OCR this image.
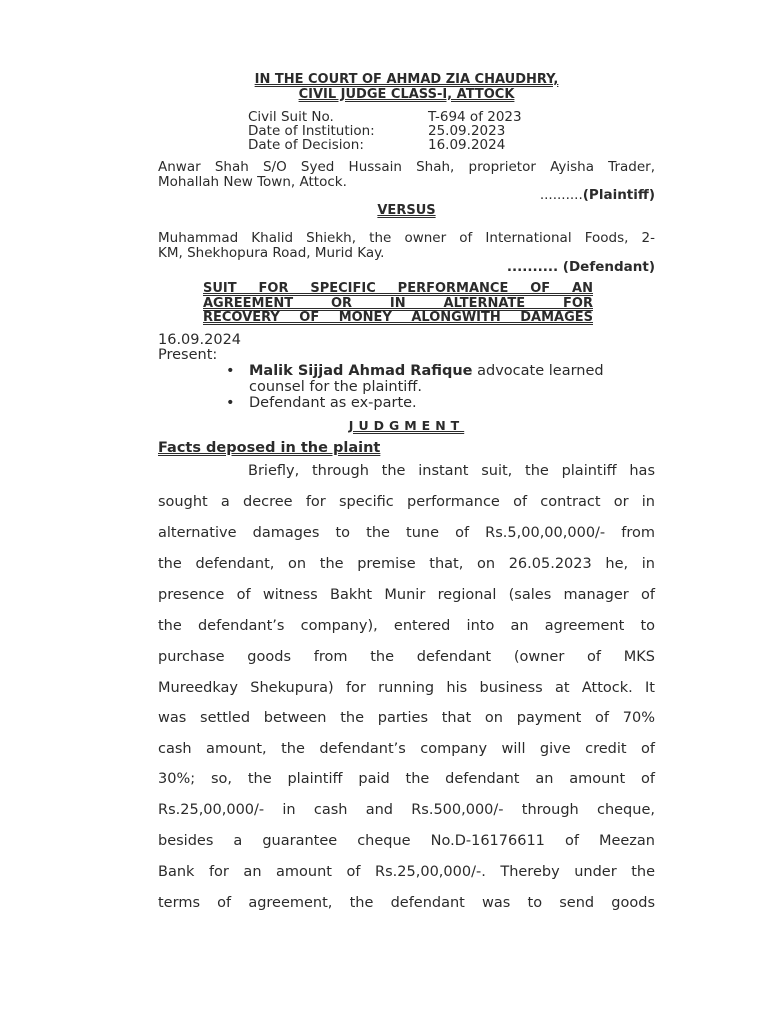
IN THE COURT OF AHMAD ZIA CHAUDHRY,
CIVIL JUDGE CLASS-I, ATTOCK
Civil Suit No.	T-694 of 2023
Date of Institution:	25.09.2023
Date of Decision:	16.09.2024
Anwar Shah S/O Syed Hussain Shah, proprietor Ayisha Trader,
Mohallah New Town, Attock.
..........(Plaintiff)
VERSUS
Muhammad Khalid Shiekh, the owner of International Foods, 2-
KM, Shekhopura Road, Murid Kay.
.......... (Defendant)
SUIT FOR SPECIFIC PERFORMANCE OF AN
AGREEMENT OR IN ALTERNATE FOR
RECOVERY OF MONEY ALONGWITH DAMAGES
16.09.2024
Present:
• Malik Sijjad Ahmad Rafique advocate learned
counsel for the plaintiff.
• Defendant as ex-parte.
JUDGMENT
Facts deposed in the plaint
Briefly, through the instant suit, the plaintiff has
sought a decree for specific performance of contract or in
alternative damages to the tune of Rs.5,00,00,000/- from
the defendant, on the premise that, on 26.05.2023 he, in
presence of witness Bakht Munir regional (sales manager of
the defendant’s company), entered into an agreement to
purchase goods from the defendant (owner of MKS
Mureedkay Shekupura) for running his business at Attock. It
was settled between the parties that on payment of 70%
cash amount, the defendant’s company will give credit of
30%; so, the plaintiff paid the defendant an amount of
Rs.25,00,000/- in cash and Rs.500,000/- through cheque,
besides a guarantee cheque No.D-16176611 of Meezan
Bank for an amount of Rs.25,00,000/-. Thereby under the
terms of agreement, the defendant was to send goods
